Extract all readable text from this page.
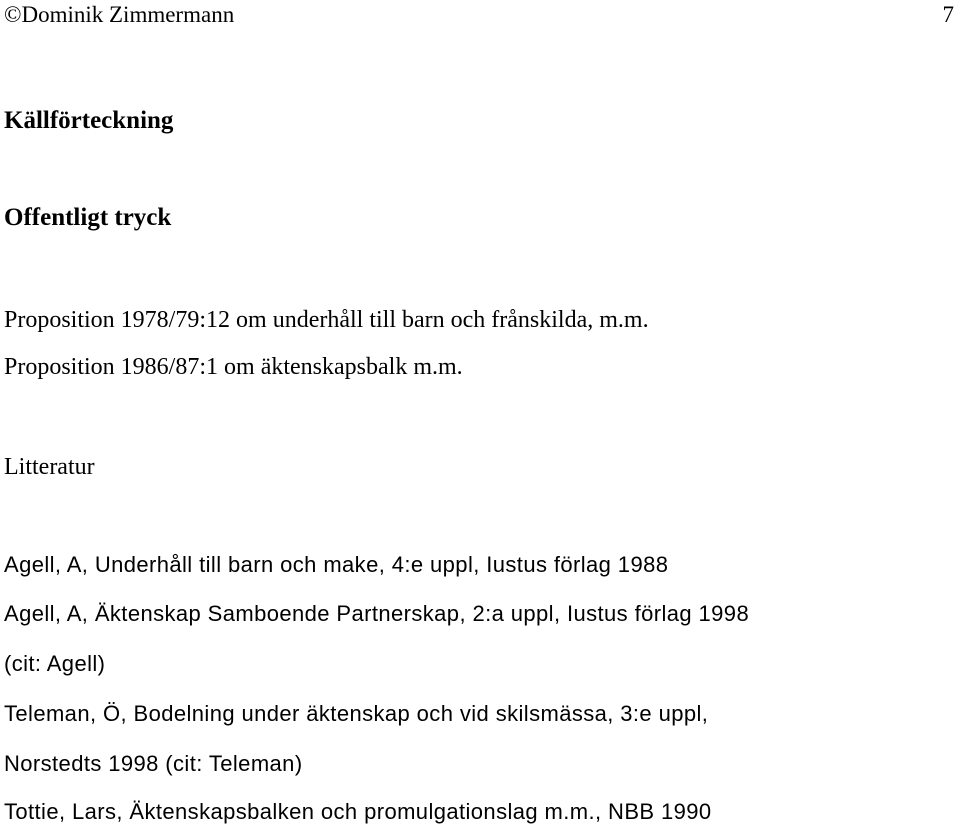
©Dominik Zimmermann	7
Källförteckning
Offentligt tryck
Proposition 1978/79:12 om underhåll till barn och frånskilda, m.m.
Proposition 1986/87:1 om äktenskapsbalk m.m.
Litteratur
Agell, A, Underhåll till barn och make, 4:e uppl, Iustus förlag 1988
Agell, A, Äktenskap Samboende Partnerskap, 2:a uppl, Iustus förlag 1998
(cit: Agell)
Teleman, Ö, Bodelning under äktenskap och vid skilsmässa, 3:e uppl,
Norstedts 1998 (cit: Teleman)
Tottie, Lars, Äktenskapsbalken och promulgationslag m.m., NBB 1990
